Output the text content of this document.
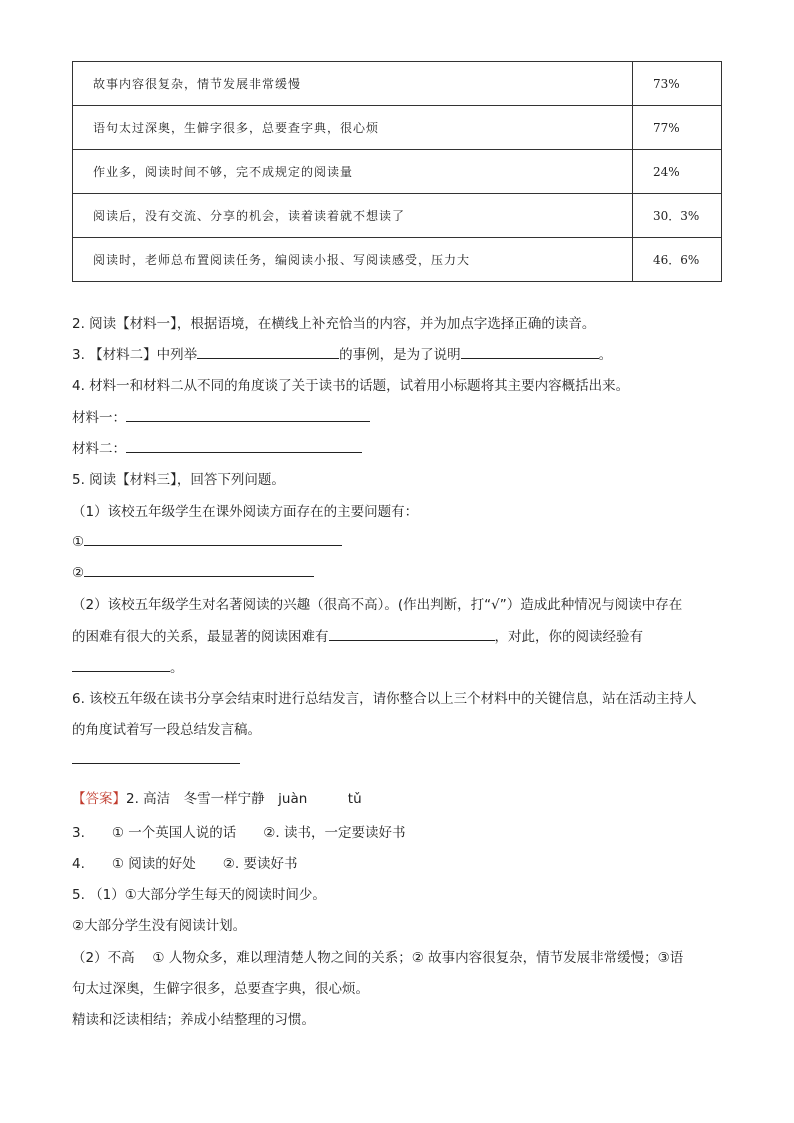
故事内容很复杂，情节发展非常缓慢	73%
语句太过深奥，生僻字很多，总要查字典，很心烦	77%
作业多，阅读时间不够，完不成规定的阅读量	24%
阅读后，没有交流、分享的机会，读着读着就不想读了	30．3%
阅读时，老师总布置阅读任务，编阅读小报、写阅读感受，压力大	46．6%
2. 阅读【材料一】，根据语境，在横线上补充恰当的内容，并为加点字选择正确的读音。
3. 【材料二】中列举	的事例，是为了说明	。
4. 材料一和材料二从不同的角度谈了关于读书的话题，试着用小标题将其主要内容概括出来。
材料一：
材料二：
5. 阅读【材料三】，回答下列问题。
（1）该校五年级学生在课外阅读方面存在的主要问题有：
①
②
（2）该校五年级学生对名著阅读的兴趣（很高不高）。(作出判断，打“√”）造成此种情况与阅读中存在
的困难有很大的关系，最显著的阅读困难有	，对此，你的阅读经验有
。
6. 该校五年级在读书分享会结束时进行总结发言，请你整合以上三个材料中的关键信息，站在活动主持人
的角度试着写一段总结发言稿。
【答案】2. 高洁　冬雪一样宁静　juàn　　　tǔ
3.　　① 一个英国人说的话　　②. 读书，一定要读好书
4.　　① 阅读的好处　　②. 要读好书
5. （1）①大部分学生每天的阅读时间少。
②大部分学生没有阅读计划。
（2）不高　 ① 人物众多，难以理清楚人物之间的关系；② 故事内容很复杂，情节发展非常缓慢；③语
句太过深奥，生僻字很多，总要查字典，很心烦。
精读和泛读相结；养成小结整理的习惯。
